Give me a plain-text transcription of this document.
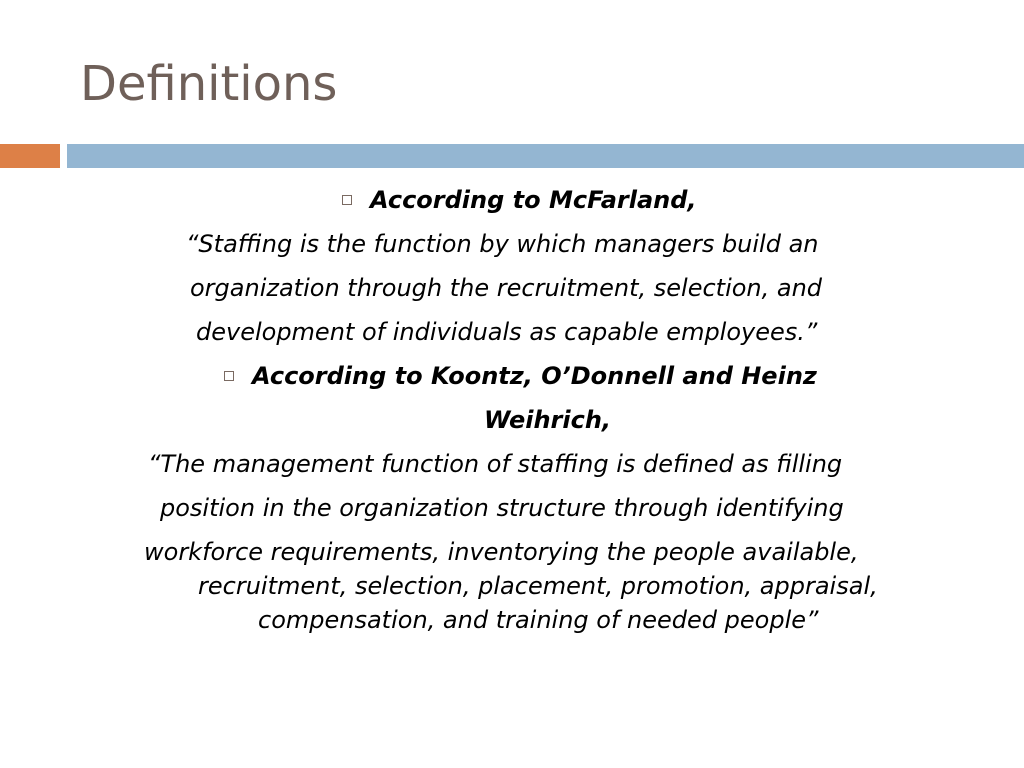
Definitions
According to McFarland,
“Staffing is the function by which managers build an
organization through the recruitment, selection, and
development of individuals as capable employees.”
According to Koontz, O’Donnell and Heinz
Weihrich,
“The management function of staffing is defined as filling
position in the organization structure through identifying
workforce requirements, inventorying the people available,
recruitment, selection, placement, promotion, appraisal,
compensation, and training of needed people”
